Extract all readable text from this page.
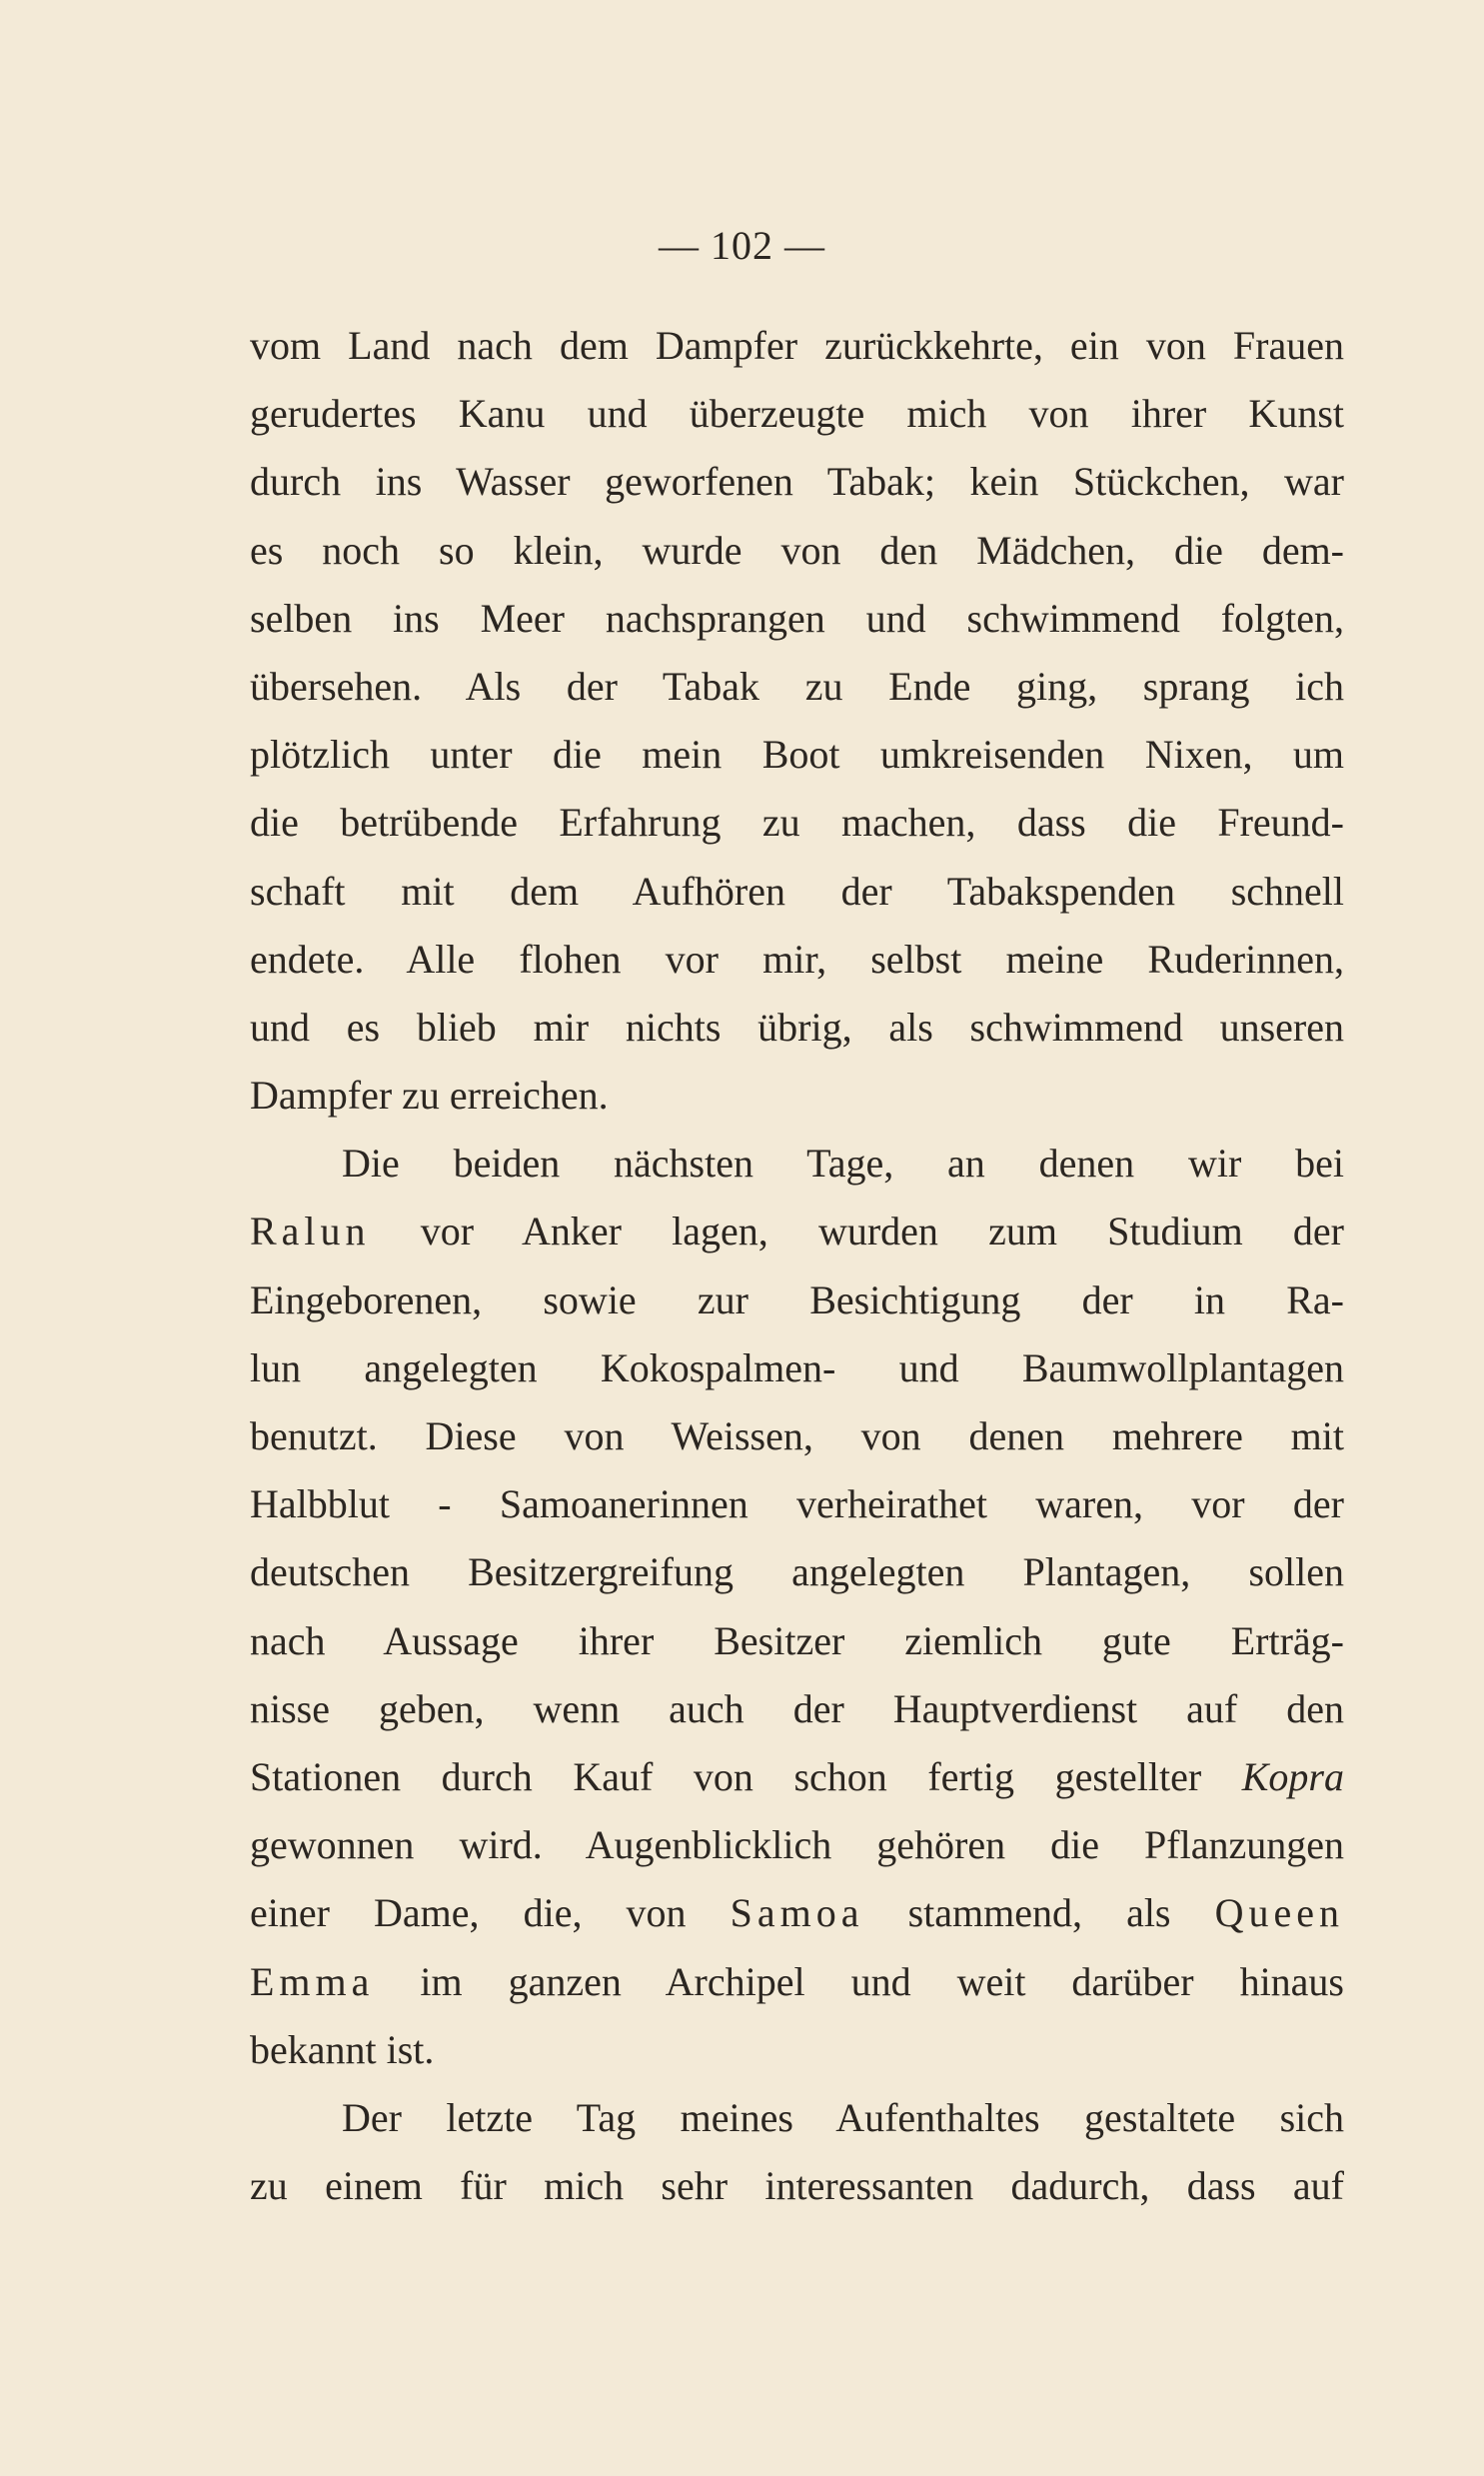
— 102 —
vom Land nach dem Dampfer zurückkehrte, ein von Frauen
gerudertes Kanu und überzeugte mich von ihrer Kunst
durch ins Wasser geworfenen Tabak; kein Stückchen, war
es noch so klein, wurde von den Mädchen, die dem-
selben ins Meer nachsprangen und schwimmend folgten,
übersehen. Als der Tabak zu Ende ging, sprang ich
plötzlich unter die mein Boot umkreisenden Nixen, um
die betrübende Erfahrung zu machen, dass die Freund-
schaft mit dem Aufhören der Tabakspenden schnell
endete. Alle flohen vor mir, selbst meine Ruderinnen,
und es blieb mir nichts übrig, als schwimmend unseren
Dampfer zu erreichen.
Die beiden nächsten Tage, an denen wir bei
Ralun vor Anker lagen, wurden zum Studium der
Eingeborenen, sowie zur Besichtigung der in Ra-
lun angelegten Kokospalmen- und Baumwollplantagen
benutzt. Diese von Weissen, von denen mehrere mit
Halbblut - Samoanerinnen verheirathet waren, vor der
deutschen Besitzergreifung angelegten Plantagen, sollen
nach Aussage ihrer Besitzer ziemlich gute Erträg-
nisse geben, wenn auch der Hauptverdienst auf den
Stationen durch Kauf von schon fertig gestellter Kopra
gewonnen wird. Augenblicklich gehören die Pflanzungen
einer Dame, die, von Samoa stammend, als Queen
Emma im ganzen Archipel und weit darüber hinaus
bekannt ist.
Der letzte Tag meines Aufenthaltes gestaltete sich
zu einem für mich sehr interessanten dadurch, dass auf
